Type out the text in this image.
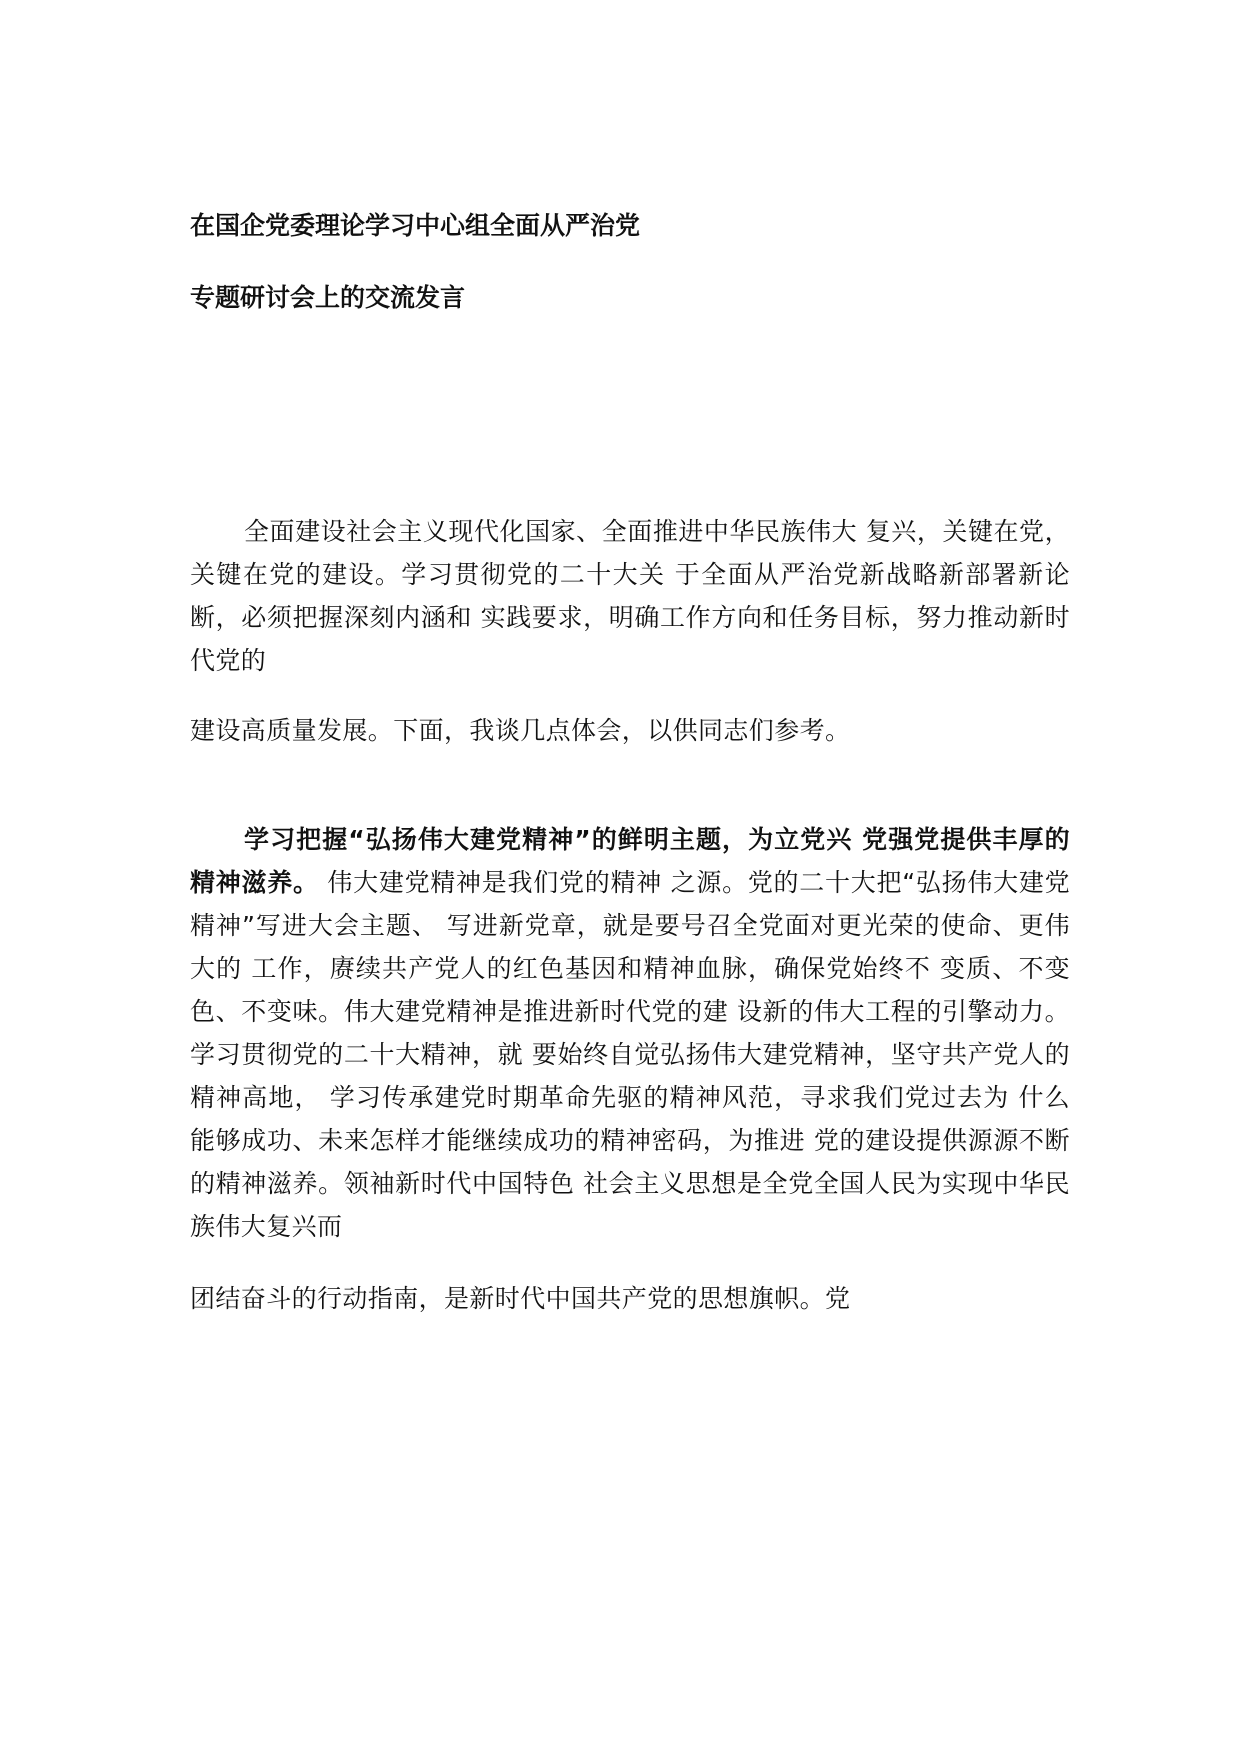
在国企党委理论学习中心组全面从严治党
专题研讨会上的交流发言

全面建设社会主义现代化国家、全面推进中华民族伟大 复兴，关键在党，关键在党的建设。学习贯彻党的二十大关 于全面从严治党新战略新部署新论断，必须把握深刻内涵和 实践要求，明确工作方向和任务目标，努力推动新时代党的

建设高质量发展。下面，我谈几点体会，以供同志们参考。

学习把握“弘扬伟大建党精神”的鲜明主题，为立党兴 党强党提供丰厚的精神滋养。 伟大建党精神是我们党的精神 之源。党的二十大把“弘扬伟大建党精神”写进大会主题、 写进新党章，就是要号召全党面对更光荣的使命、更伟大的 工作，赓续共产党人的红色基因和精神血脉，确保党始终不 变质、不变色、不变味。伟大建党精神是推进新时代党的建 设新的伟大工程的引擎动力。学习贯彻党的二十大精神，就 要始终自觉弘扬伟大建党精神，坚守共产党人的精神高地， 学习传承建党时期革命先驱的精神风范，寻求我们党过去为 什么能够成功、未来怎样才能继续成功的精神密码，为推进 党的建设提供源源不断的精神滋养。领袖新时代中国特色 社会主义思想是全党全国人民为实现中华民族伟大复兴而

团结奋斗的行动指南，是新时代中国共产党的思想旗帜。党
